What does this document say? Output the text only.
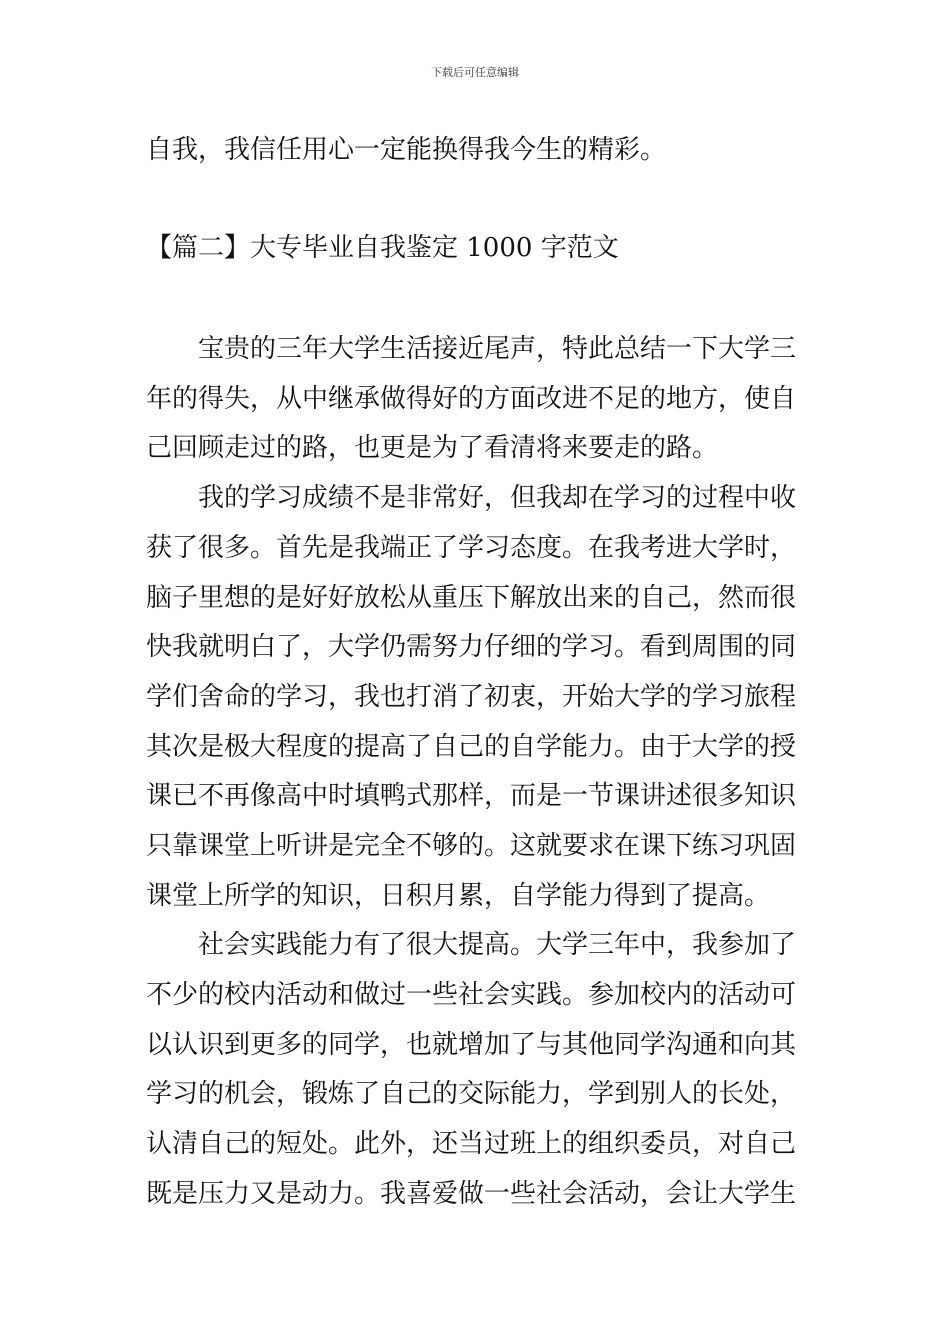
下载后可任意编辑
自我，我信任用心一定能换得我今生的精彩。
【篇二】大专毕业自我鉴定 1000 字范文
宝贵的三年大学生活接近尾声，特此总结一下大学三
年的得失，从中继承做得好的方面改进不足的地方，使自
己回顾走过的路，也更是为了看清将来要走的路。
我的学习成绩不是非常好，但我却在学习的过程中收
获了很多。首先是我端正了学习态度。在我考进大学时，
脑子里想的是好好放松从重压下解放出来的自己，然而很
快我就明白了，大学仍需努力仔细的学习。看到周围的同
学们舍命的学习，我也打消了初衷，开始大学的学习旅程
其次是极大程度的提高了自己的自学能力。由于大学的授
课已不再像高中时填鸭式那样，而是一节课讲述很多知识
只靠课堂上听讲是完全不够的。这就要求在课下练习巩固
课堂上所学的知识，日积月累，自学能力得到了提高。
社会实践能力有了很大提高。大学三年中，我参加了
不少的校内活动和做过一些社会实践。参加校内的活动可
以认识到更多的同学，也就增加了与其他同学沟通和向其
学习的机会，锻炼了自己的交际能力，学到别人的长处，
认清自己的短处。此外，还当过班上的组织委员，对自己
既是压力又是动力。我喜爱做一些社会活动，会让大学生
